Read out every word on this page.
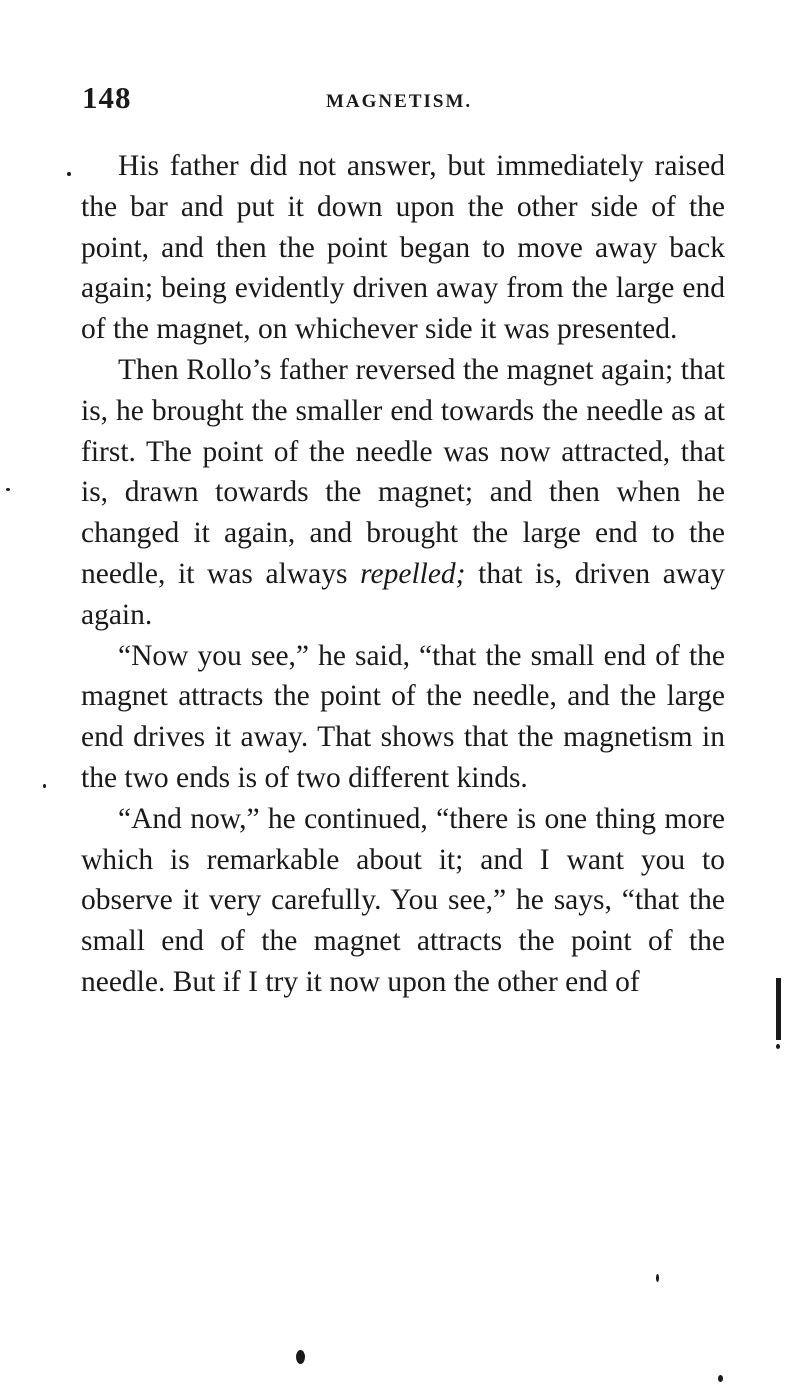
148	MAGNETISM.

His father did not answer, but immediately raised the bar and put it down upon the other side of the point, and then the point began to move away back again; being evidently driven away from the large end of the magnet, on whichever side it was presented.

Then Rollo’s father reversed the magnet again; that is, he brought the smaller end towards the needle as at first. The point of the needle was now attracted, that is, drawn towards the magnet; and then when he changed it again, and brought the large end to the needle, it was always repelled; that is, driven away again.

“Now you see,” he said, “that the small end of the magnet attracts the point of the needle, and the large end drives it away. That shows that the magnetism in the two ends is of two different kinds.

“And now,” he continued, “there is one thing more which is remarkable about it; and I want you to observe it very carefully. You see,” he says, “that the small end of the magnet attracts the point of the needle. But if I try it now upon the other end of
